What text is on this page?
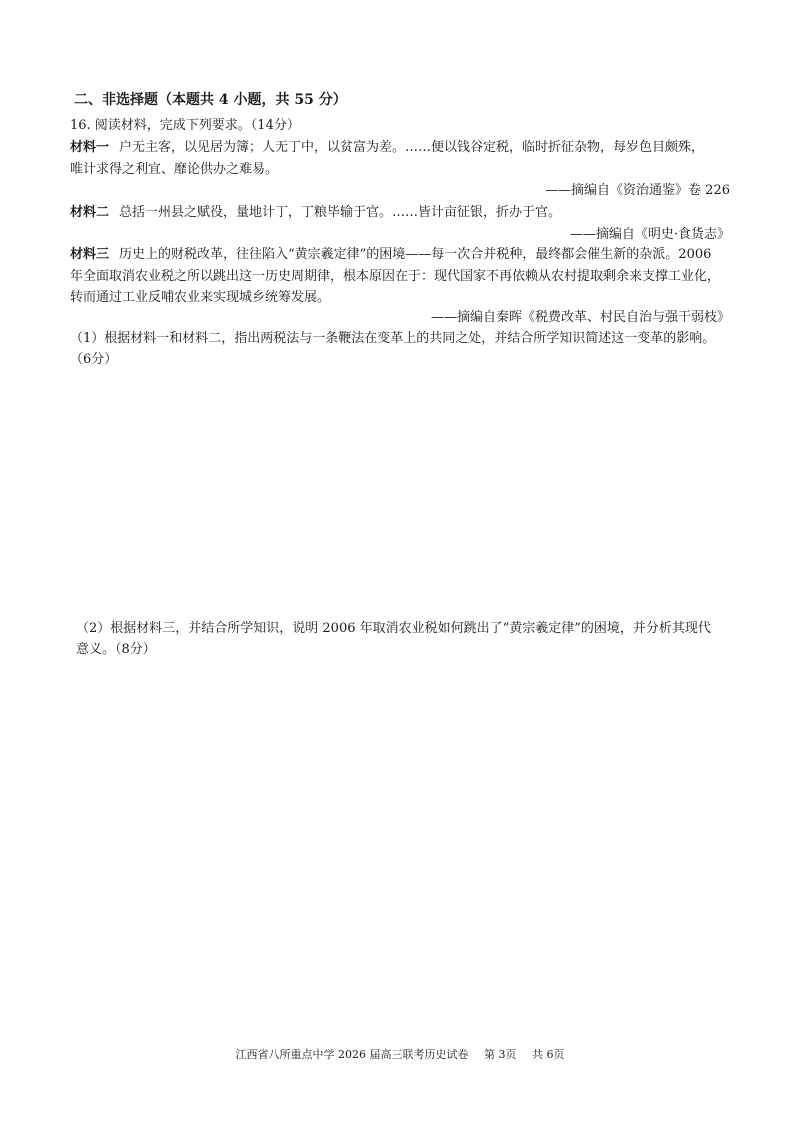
二、非选择题（本题共 4 小题，共 55 分）
16. 阅读材料，完成下列要求。（14分）
材料一 户无主客，以见居为簿；人无丁中，以贫富为差。……便以钱谷定税，临时折征杂物，每岁色目颇殊，
唯计求得之利宜、靡论供办之难易。
——摘编自《资治通鉴》卷 226
材料二 总括一州县之赋役，量地计丁，丁粮毕输于官。……皆计亩征银，折办于官。
——摘编自《明史·食货志》
材料三 历史上的财税改革，往往陷入“黄宗羲定律”的困境——每一次合并税种，最终都会催生新的杂派。2006
年全面取消农业税之所以跳出这一历史周期律，根本原因在于：现代国家不再依赖从农村提取剩余来支撑工业化，
转而通过工业反哺农业来实现城乡统筹发展。
——摘编自秦晖《税费改革、村民自治与强干弱枝》
（1）根据材料一和材料二，指出两税法与一条鞭法在变革上的共同之处，并结合所学知识简述这一变革的影响。
（6分）
（2）根据材料三，并结合所学知识，说明 2006 年取消农业税如何跳出了“黄宗羲定律”的困境，并分析其现代
意义。（8分）
江西省八所重点中学 2026 届高三联考历史试卷 第 3页 共 6页
